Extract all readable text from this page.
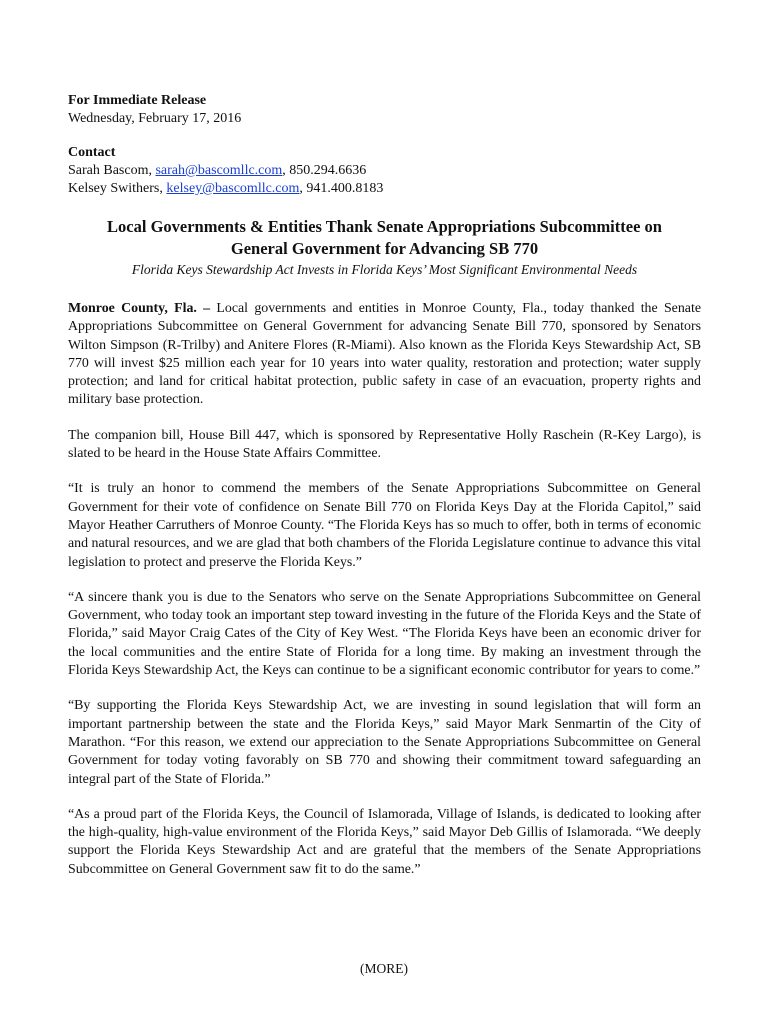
For Immediate Release
Wednesday, February 17, 2016
Contact
Sarah Bascom, sarah@bascomllc.com, 850.294.6636
Kelsey Swithers, kelsey@bascomllc.com, 941.400.8183
Local Governments & Entities Thank Senate Appropriations Subcommittee on
General Government for Advancing SB 770

Florida Keys Stewardship Act Invests in Florida Keys’ Most Significant Environmental Needs

Monroe County, Fla. – Local governments and entities in Monroe County, Fla., today thanked the Senate Appropriations Subcommittee on General Government for advancing Senate Bill 770, sponsored by Senators Wilton Simpson (R-Trilby) and Anitere Flores (R-Miami). Also known as the Florida Keys Stewardship Act, SB 770 will invest $25 million each year for 10 years into water quality, restoration and protection; water supply protection; and land for critical habitat protection, public safety in case of an evacuation, property rights and military base protection.

The companion bill, House Bill 447, which is sponsored by Representative Holly Raschein (R-Key Largo), is slated to be heard in the House State Affairs Committee.

“It is truly an honor to commend the members of the Senate Appropriations Subcommittee on General Government for their vote of confidence on Senate Bill 770 on Florida Keys Day at the Florida Capitol,” said Mayor Heather Carruthers of Monroe County. “The Florida Keys has so much to offer, both in terms of economic and natural resources, and we are glad that both chambers of the Florida Legislature continue to advance this vital legislation to protect and preserve the Florida Keys.”

“A sincere thank you is due to the Senators who serve on the Senate Appropriations Subcommittee on General Government, who today took an important step toward investing in the future of the Florida Keys and the State of Florida,” said Mayor Craig Cates of the City of Key West. “The Florida Keys have been an economic driver for the local communities and the entire State of Florida for a long time. By making an investment through the Florida Keys Stewardship Act, the Keys can continue to be a significant economic contributor for years to come.”

“By supporting the Florida Keys Stewardship Act, we are investing in sound legislation that will form an important partnership between the state and the Florida Keys,” said Mayor Mark Senmartin of the City of Marathon. “For this reason, we extend our appreciation to the Senate Appropriations Subcommittee on General Government for today voting favorably on SB 770 and showing their commitment toward safeguarding an integral part of the State of Florida.”

“As a proud part of the Florida Keys, the Council of Islamorada, Village of Islands, is dedicated to looking after the high-quality, high-value environment of the Florida Keys,” said Mayor Deb Gillis of Islamorada. “We deeply support the Florida Keys Stewardship Act and are grateful that the members of the Senate Appropriations Subcommittee on General Government saw fit to do the same.”

(MORE)
